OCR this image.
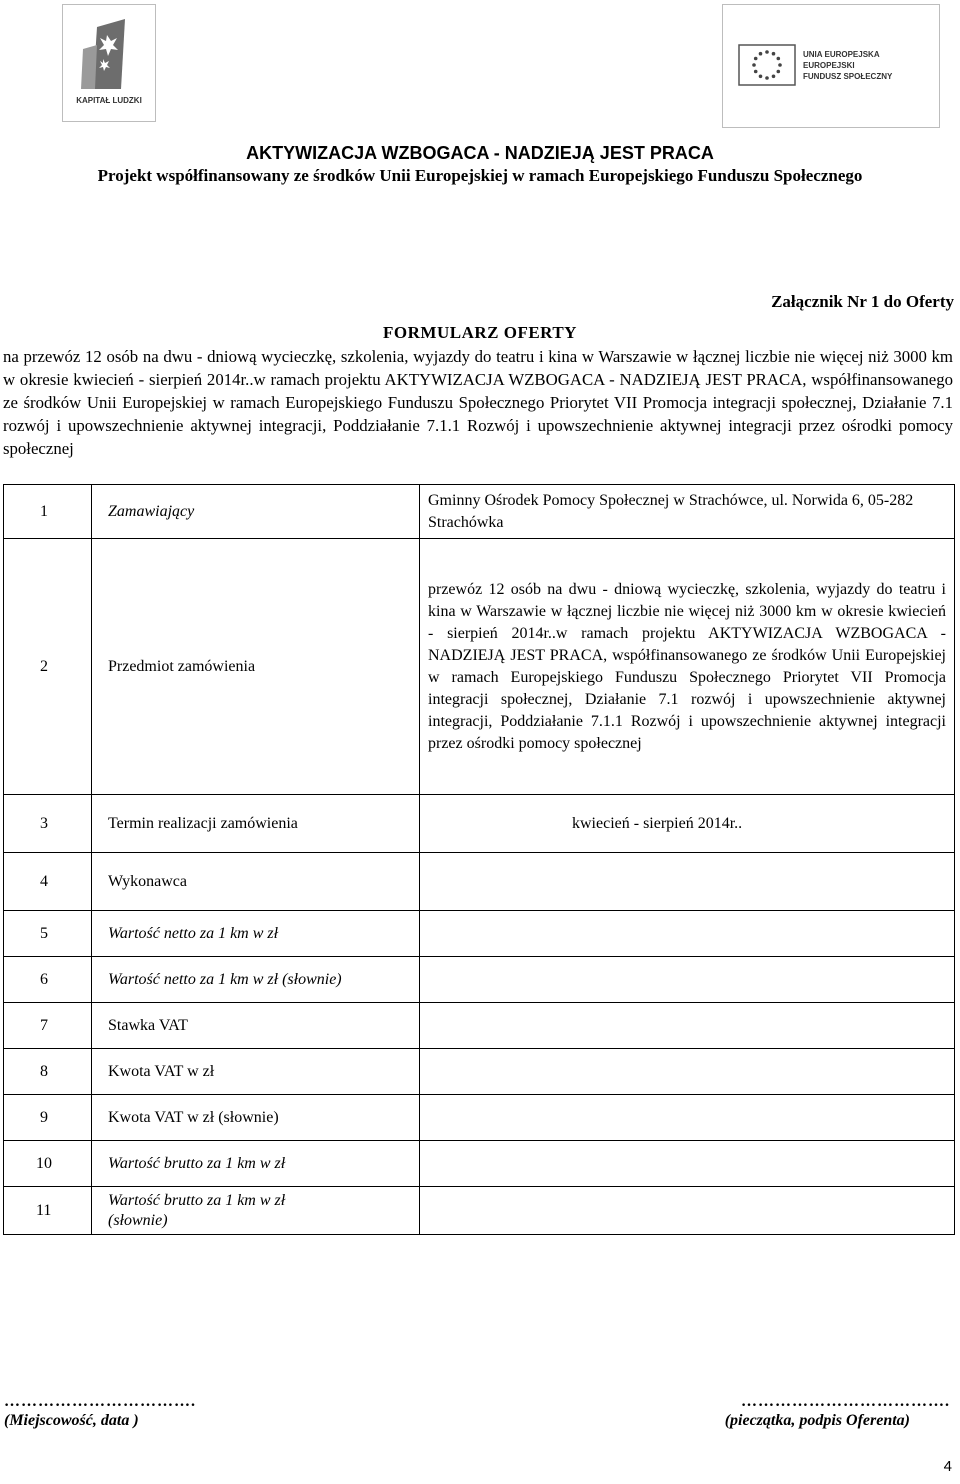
KAPITAŁ LUDZKI
UNIA EUROPEJSKA
EUROPEJSKI
FUNDUSZ SPOŁECZNY
AKTYWIZACJA WZBOGACA - NADZIEJĄ JEST PRACA
Projekt współfinansowany ze środków Unii Europejskiej w ramach Europejskiego Funduszu Społecznego
Załącznik Nr 1 do Oferty
FORMULARZ OFERTY
na przewóz 12 osób na dwu - dniową wycieczkę, szkolenia, wyjazdy do teatru i kina w Warszawie w łącznej liczbie nie więcej niż 3000 km w okresie kwiecień - sierpień 2014r..w ramach projektu AKTYWIZACJA WZBOGACA - NADZIEJĄ JEST PRACA, współfinansowanego ze środków Unii Europejskiej w ramach Europejskiego Funduszu Społecznego Priorytet VII Promocja integracji społecznej, Działanie 7.1 rozwój i upowszechnienie aktywnej integracji, Poddziałanie 7.1.1 Rozwój i upowszechnienie aktywnej integracji przez ośrodki pomocy społecznej
1	Zamawiający	Gminny Ośrodek Pomocy Społecznej w Strachówce, ul. Norwida 6, 05-282 Strachówka
2	Przedmiot zamówienia	przewóz 12 osób na dwu - dniową wycieczkę, szkolenia, wyjazdy do teatru i kina w Warszawie w łącznej liczbie nie więcej niż 3000 km w okresie kwiecień - sierpień 2014r..w ramach projektu AKTYWIZACJA WZBOGACA - NADZIEJĄ JEST PRACA, współfinansowanego ze środków Unii Europejskiej w ramach Europejskiego Funduszu Społecznego Priorytet VII Promocja integracji społecznej, Działanie 7.1 rozwój i upowszechnienie aktywnej integracji, Poddziałanie 7.1.1 Rozwój i upowszechnienie aktywnej integracji przez ośrodki pomocy społecznej
3	Termin realizacji zamówienia	kwiecień - sierpień 2014r..
4	Wykonawca	
5	Wartość netto za 1 km w zł	
6	Wartość netto za 1 km w zł (słownie)	
7	Stawka VAT	
8	Kwota VAT w zł	
9	Kwota VAT w zł (słownie)	
10	Wartość brutto za 1 km w zł	
11	Wartość brutto za 1 km w zł (słownie)	
…………………………….
(Miejscowość, data )
……………………………….
(pieczątka, podpis Oferenta)
4
